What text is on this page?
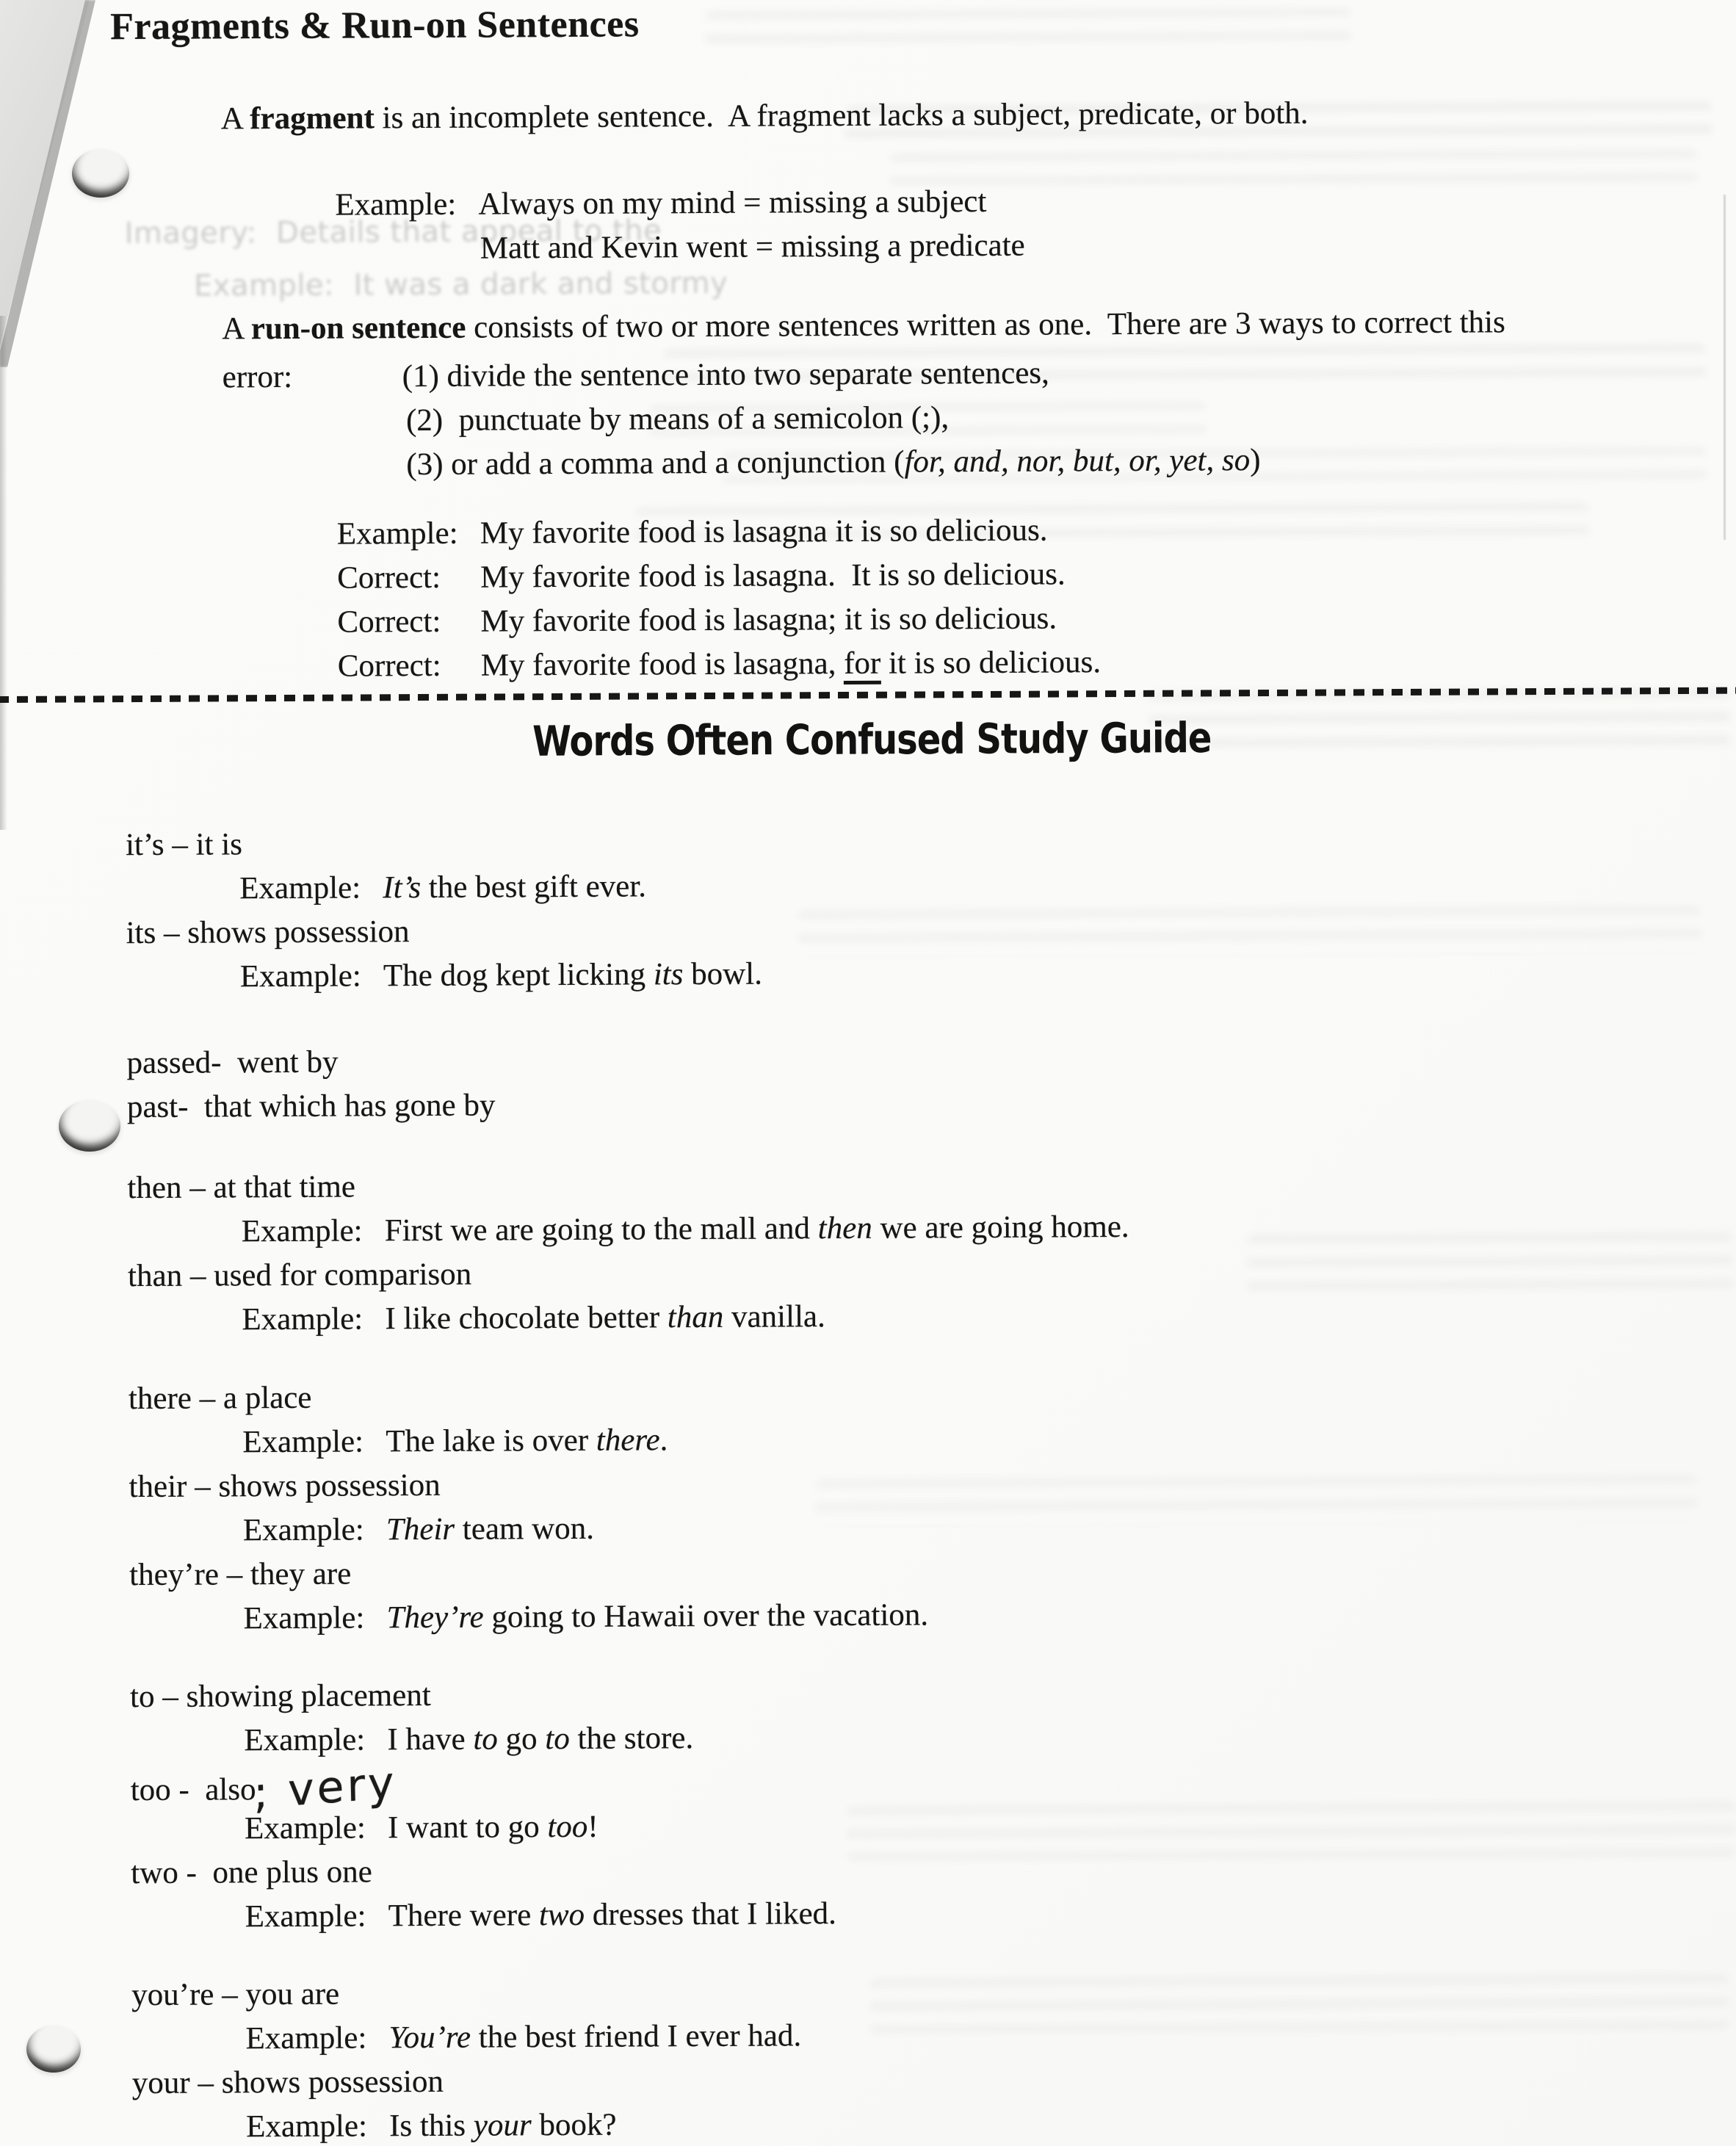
Imagery:  Details that appeal to the
Example:  It was a dark and stormy
Fragments & Run-on Sentences
A fragment is an incomplete sentence.  A fragment lacks a subject, predicate, or both.
Example: Always on my mind = missing a subject
Matt and Kevin went = missing a predicate
A run-on sentence consists of two or more sentences written as one.  There are 3 ways to correct this
error:	(1) divide the sentence into two separate sentences,
(2)  punctuate by means of a semicolon (;),
(3) or add a comma and a conjunction (for, and, nor, but, or, yet, so)
Example: My favorite food is lasagna it is so delicious.
Correct: My favorite food is lasagna.  It is so delicious.
Correct: My favorite food is lasagna; it is so delicious.
Correct: My favorite food is lasagna, for it is so delicious.
Words Often Confused Study Guide
it’s – it is
Example: It’s the best gift ever.
its – shows possession
Example: The dog kept licking its bowl.
passed-  went by
past-  that which has gone by
then – at that time
Example: First we are going to the mall and then we are going home.
than – used for comparison
Example: I like chocolate better than vanilla.
there – a place
Example: The lake is over there.
their – shows possession
Example: Their team won.
they’re – they are
Example: They’re going to Hawaii over the vacation.
to – showing placement
Example: I have to go to the store.
too -  also; very
Example: I want to go too!
two -  one plus one
Example: There were two dresses that I liked.
you’re – you are
Example: You’re the best friend I ever had.
your – shows possession
Example: Is this your book?
